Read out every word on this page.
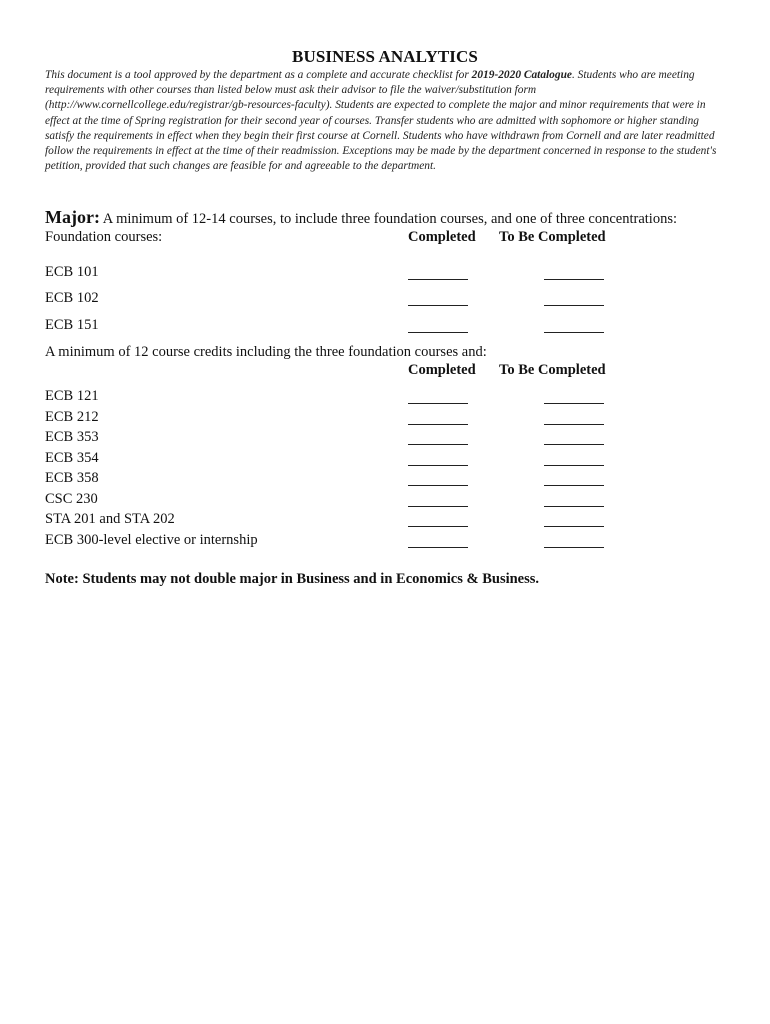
BUSINESS ANALYTICS
This document is a tool approved by the department as a complete and accurate checklist for 2019-2020 Catalogue. Students who are meeting requirements with other courses than listed below must ask their advisor to file the waiver/substitution form (http://www.cornellcollege.edu/registrar/gb-resources-faculty). Students are expected to complete the major and minor requirements that were in effect at the time of Spring registration for their second year of courses. Transfer students who are admitted with sophomore or higher standing satisfy the requirements in effect when they begin their first course at Cornell. Students who have withdrawn from Cornell and are later readmitted follow the requirements in effect at the time of their readmission. Exceptions may be made by the department concerned in response to the student's petition, provided that such changes are feasible for and agreeable to the department.
Major: A minimum of 12-14 courses, to include three foundation courses, and one of three concentrations:
Foundation courses:	Completed To Be Completed
ECB 101
ECB 102
ECB 151
A minimum of 12 course credits including the three foundation courses and:
Completed To Be Completed
ECB 121
ECB 212
ECB 353
ECB 354
ECB 358
CSC 230
STA 201 and STA 202
ECB 300-level elective or internship
Note: Students may not double major in Business and in Economics & Business.
